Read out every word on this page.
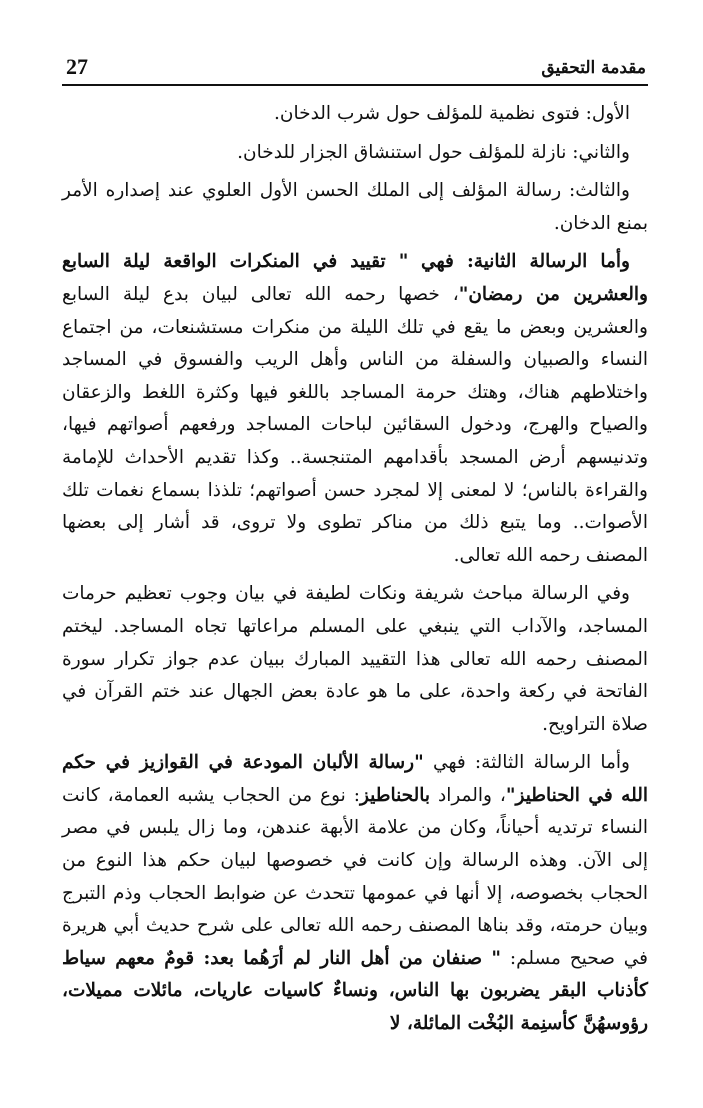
مقدمة التحقيق
27

الأول: فتوى نظمية للمؤلف حول شرب الدخان.

والثاني: نازلة للمؤلف حول استنشاق الجزار للدخان.

والثالث: رسالة المؤلف إلى الملك الحسن الأول العلوي عند إصداره الأمر بمنع الدخان.

وأما الرسالة الثانية: فهي " تقييد في المنكرات الواقعة ليلة السابع والعشرين من رمضان"، خصها رحمه الله تعالى لبيان بدع ليلة السابع والعشرين وبعض ما يقع في تلك الليلة من منكرات مستشنعات، من اجتماع النساء والصبيان والسفلة من الناس وأهل الريب والفسوق في المساجد واختلاطهم هناك، وهتك حرمة المساجد باللغو فيها وكثرة اللغط والزعقان والصياح والهرج، ودخول السقائين لباحات المساجد ورفعهم أصواتهم فيها، وتدنيسهم أرض المسجد بأقدامهم المتنجسة.. وكذا تقديم الأحداث للإمامة والقراءة بالناس؛ لا لمعنى إلا لمجرد حسن أصواتهم؛ تلذذا بسماع نغمات تلك الأصوات.. وما يتبع ذلك من مناكر تطوى ولا تروى، قد أشار إلى بعضها المصنف رحمه الله تعالى.

وفي الرسالة مباحث شريفة ونكات لطيفة في بيان وجوب تعظيم حرمات المساجد، والآداب التي ينبغي على المسلم مراعاتها تجاه المساجد. ليختم المصنف رحمه الله تعالى هذا التقييد المبارك ببيان عدم جواز تكرار سورة الفاتحة في ركعة واحدة، على ما هو عادة بعض الجهال عند ختم القرآن في صلاة التراويح.

وأما الرسالة الثالثة: فهي "رسالة الألبان المودعة في القوازيز في حكم الله في الحناطيز"، والمراد بالحناطيز: نوع من الحجاب يشبه العمامة، كانت النساء ترتديه أحياناً، وكان من علامة الأبهة عندهن، وما زال يلبس في مصر إلى الآن. وهذه الرسالة وإن كانت في خصوصها لبيان حكم هذا النوع من الحجاب بخصوصه، إلا أنها في عمومها تتحدث عن ضوابط الحجاب وذم التبرج وبيان حرمته، وقد بناها المصنف رحمه الله تعالى على شرح حديث أبي هريرة في صحيح مسلم: " صنفان من أهل النار لم أرَهُما بعد: قومٌ معهم سياط كأذناب البقر يضربون بها الناس، ونساءٌ كاسيات عاريات، مائلات مميلات، رؤوسهُنَّ كأسنِمة البُخْت المائلة، لا
